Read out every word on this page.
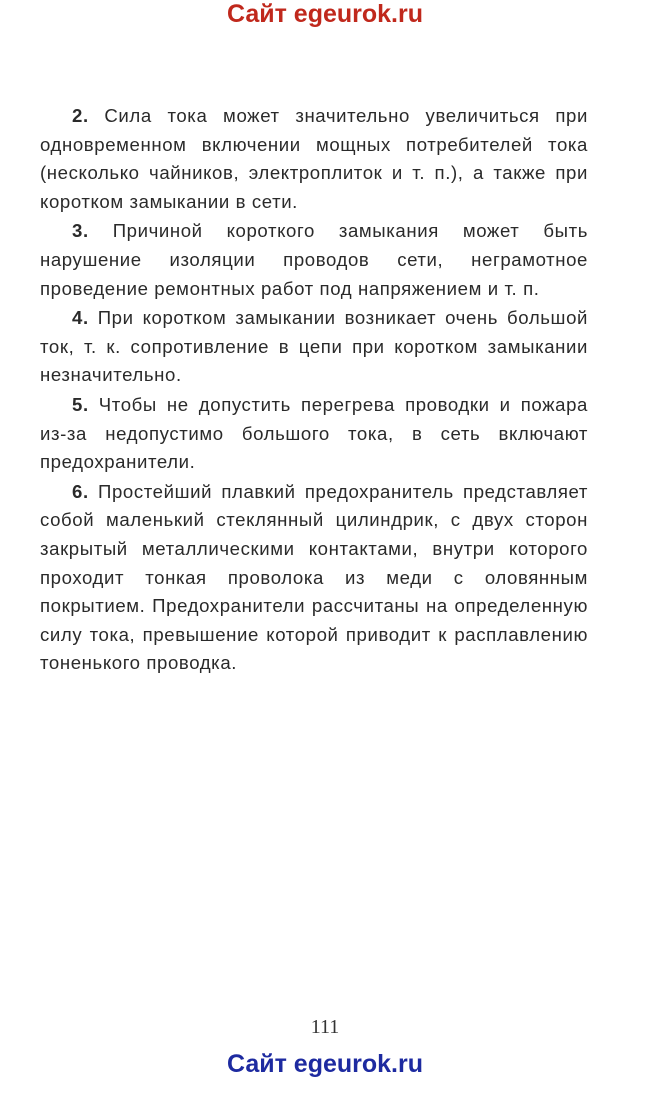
Сайт egeurok.ru

2. Сила тока может значительно увеличиться при одновременном включении мощных потребителей тока (несколько чайников, электроплиток и т. п.), а также при коротком замыкании в сети.

3. Причиной короткого замыкания может быть нарушение изоляции проводов сети, неграмотное проведение ремонтных работ под напряжением и т. п.

4. При коротком замыкании возникает очень большой ток, т. к. сопротивление в цепи при коротком замыкании незначительно.

5. Чтобы не допустить перегрева проводки и пожара из-за недопустимо большого тока, в сеть включают предохранители.

6. Простейший плавкий предохранитель представляет собой маленький стеклянный цилиндрик, с двух сторон закрытый металлическими контактами, внутри которого проходит тонкая проволока из меди с оловянным покрытием. Предохранители рассчитаны на определенную силу тока, превышение которой приводит к расплавлению тоненького проводка.

111
Сайт egeurok.ru
